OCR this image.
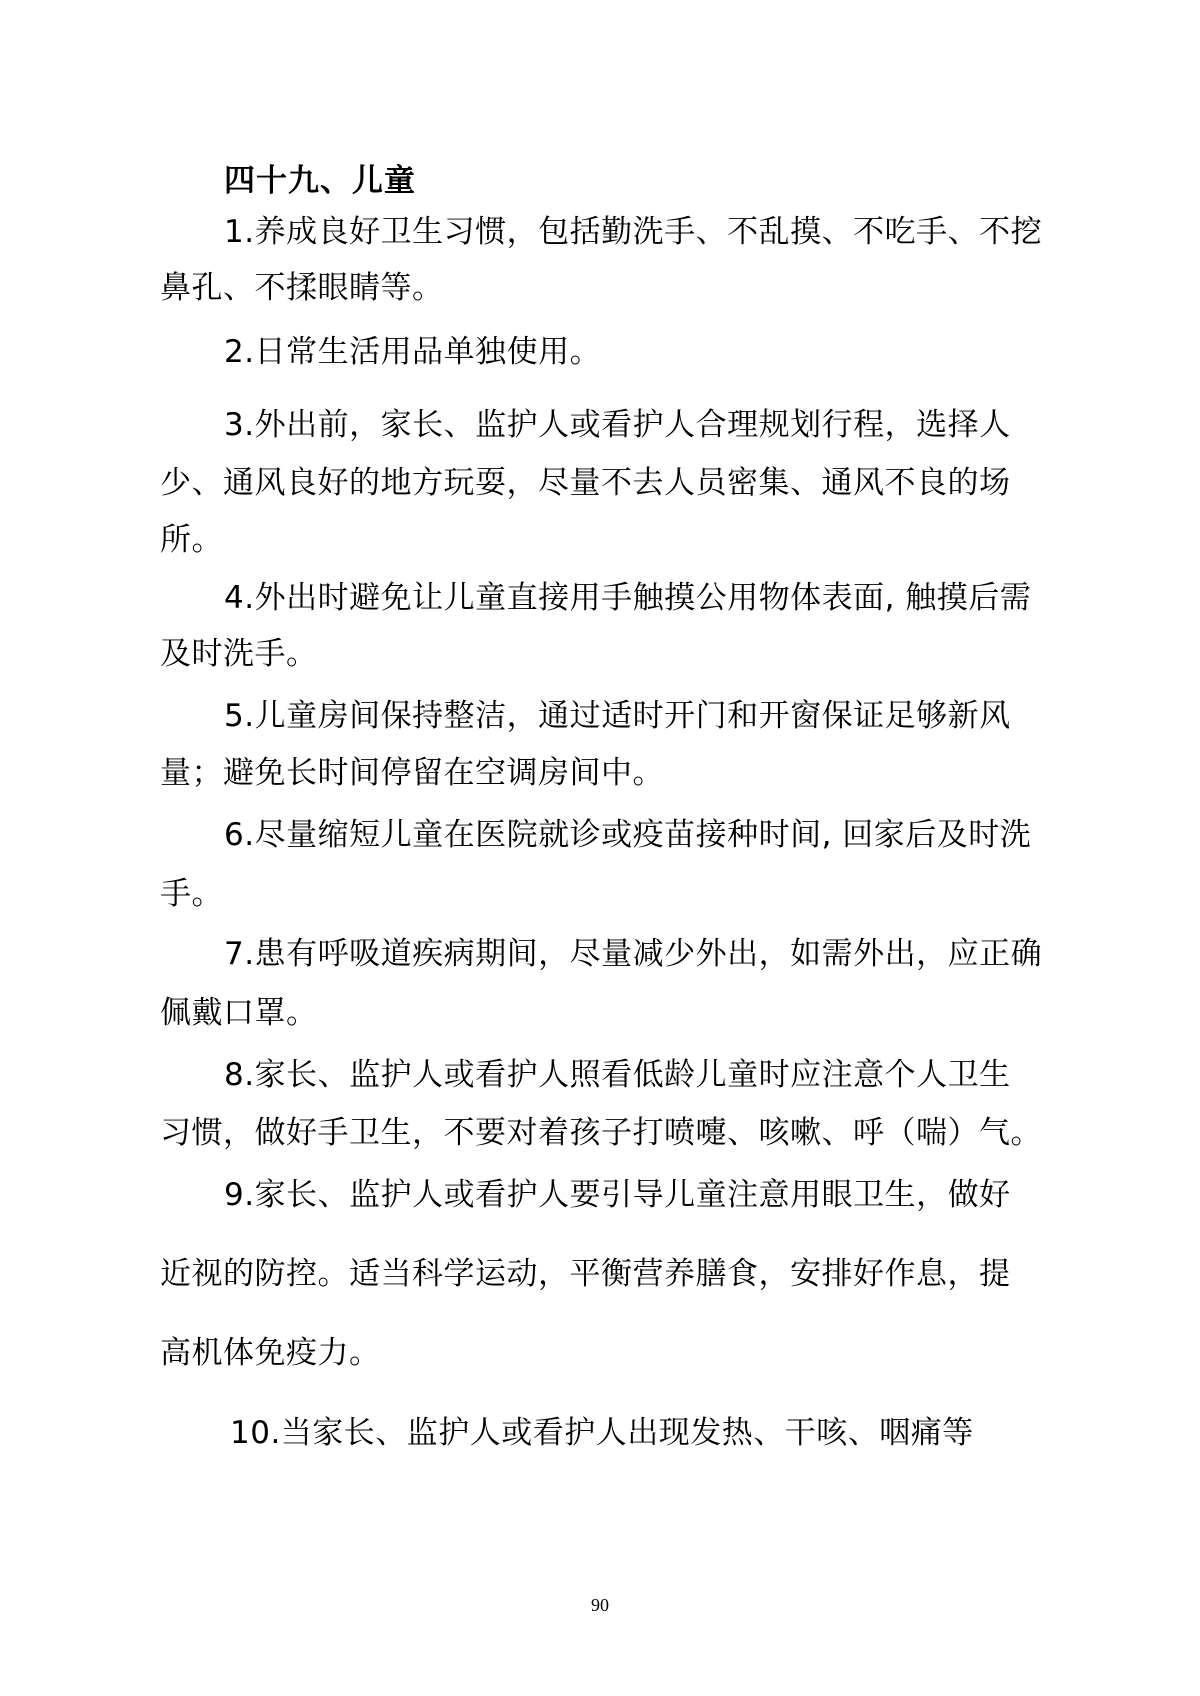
四十九、儿童
1.养成良好卫生习惯，包括勤洗手、不乱摸、不吃手、不挖
鼻孔、不揉眼睛等。
2.日常生活用品单独使用。
3.外出前，家长、监护人或看护人合理规划行程，选择人
少、通风良好的地方玩耍，尽量不去人员密集、通风不良的场
所。
4.外出时避免让儿童直接用手触摸公用物体表面, 触摸后需
及时洗手。
5.儿童房间保持整洁，通过适时开门和开窗保证足够新风
量；避免长时间停留在空调房间中。
6.尽量缩短儿童在医院就诊或疫苗接种时间, 回家后及时洗
手。
7.患有呼吸道疾病期间，尽量减少外出，如需外出，应正确
佩戴口罩。
8.家长、监护人或看护人照看低龄儿童时应注意个人卫生
习惯，做好手卫生，不要对着孩子打喷嚏、咳嗽、呼（喘）气。
9.家长、监护人或看护人要引导儿童注意用眼卫生，做好
近视的防控。适当科学运动，平衡营养膳食，安排好作息，提
高机体免疫力。
10.当家长、监护人或看护人出现发热、干咳、咽痛等
90
